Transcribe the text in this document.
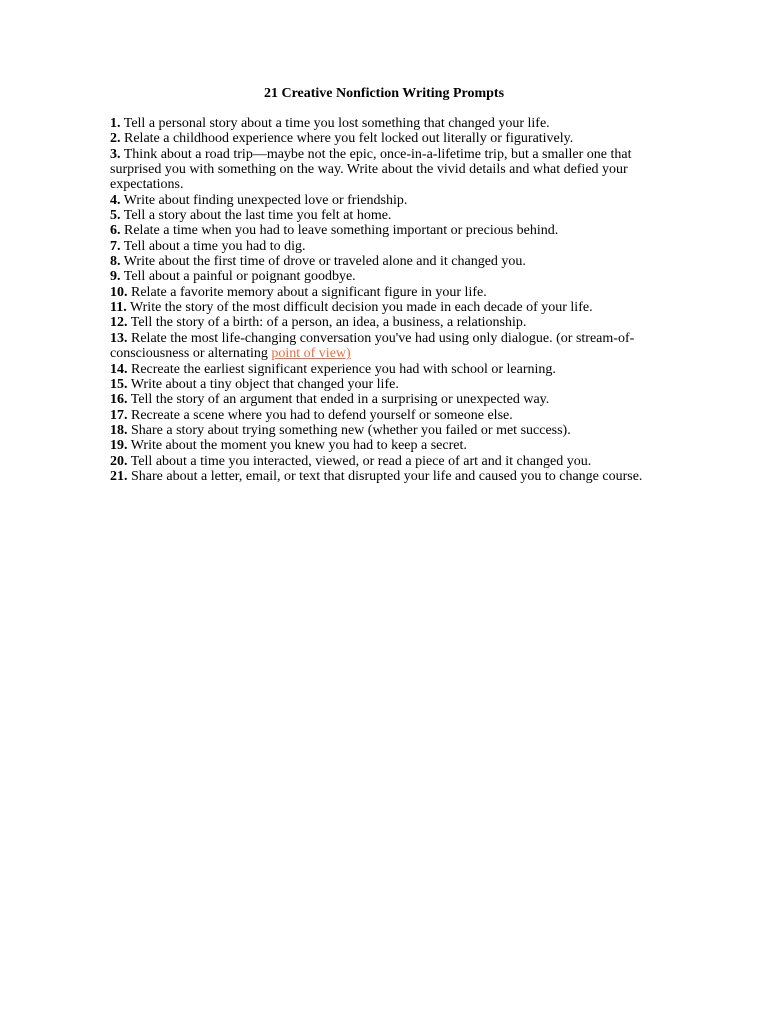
21 Creative Nonfiction Writing Prompts

1. Tell a personal story about a time you lost something that changed your life.

2. Relate a childhood experience where you felt locked out literally or figuratively.

3. Think about a road trip—maybe not the epic, once-in-a-lifetime trip, but a smaller one that surprised you with something on the way. Write about the vivid details and what defied your expectations.

4. Write about finding unexpected love or friendship.

5. Tell a story about the last time you felt at home.

6. Relate a time when you had to leave something important or precious behind.

7. Tell about a time you had to dig.

8. Write about the first time of drove or traveled alone and it changed you.

9. Tell about a painful or poignant goodbye.

10. Relate a favorite memory about a significant figure in your life.

11. Write the story of the most difficult decision you made in each decade of your life.

12. Tell the story of a birth: of a person, an idea, a business, a relationship.

13. Relate the most life-changing conversation you've had using only dialogue. (or stream-of-consciousness or alternating point of view)

14. Recreate the earliest significant experience you had with school or learning.

15. Write about a tiny object that changed your life.

16. Tell the story of an argument that ended in a surprising or unexpected way.

17. Recreate a scene where you had to defend yourself or someone else.

18. Share a story about trying something new (whether you failed or met success).

19. Write about the moment you knew you had to keep a secret.

20. Tell about a time you interacted, viewed, or read a piece of art and it changed you.

21. Share about a letter, email, or text that disrupted your life and caused you to change course.
